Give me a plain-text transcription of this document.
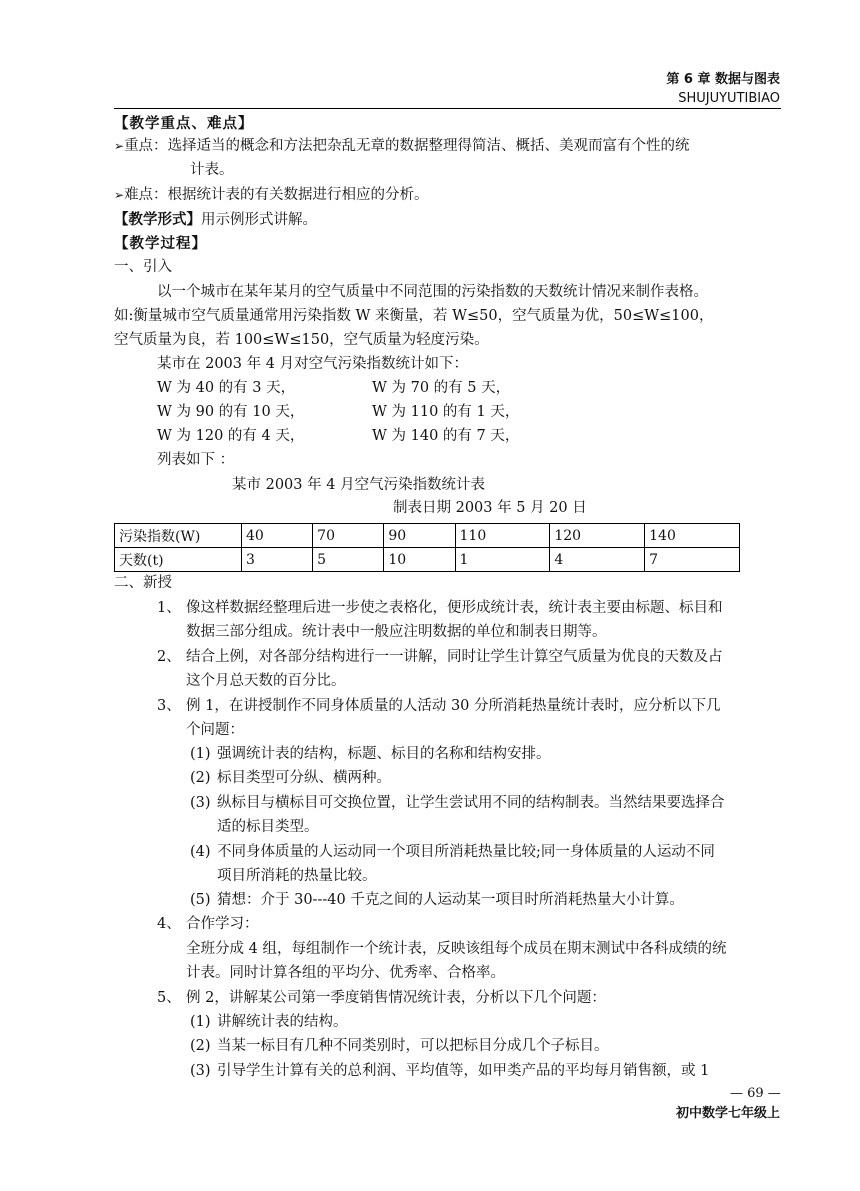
第 6 章 数据与图表
SHUJUYUTIBIAO
【教学重点、难点】
➢重点：选择适当的概念和方法把杂乱无章的数据整理得简洁、概括、美观而富有个性的统
计表。
➢难点：根据统计表的有关数据进行相应的分析。
【教学形式】用示例形式讲解。
【教学过程】
一、引入
以一个城市在某年某月的空气质量中不同范围的污染指数的天数统计情况来制作表格。
如:衡量城市空气质量通常用污染指数 W 来衡量，若 W≤50，空气质量为优，50≤W≤100，
空气质量为良，若 100≤W≤150，空气质量为轻度污染。
某市在 2003 年 4 月对空气污染指数统计如下：
W 为 40 的有 3 天，	W 为 70 的有 5 天，
W 为 90 的有 10 天，	W 为 110 的有 1 天，
W 为 120 的有 4 天，	W 为 140 的有 7 天，
列表如下 ：
某市 2003 年 4 月空气污染指数统计表
制表日期 2003 年 5 月 20 日
污染指数(W)	40	70	90	110	120	140
天数(t)	3	5	10	1	4	7
二、新授
1、 像这样数据经整理后进一步使之表格化，便形成统计表，统计表主要由标题、标目和
数据三部分组成。统计表中一般应注明数据的单位和制表日期等。
2、 结合上例，对各部分结构进行一一讲解，同时让学生计算空气质量为优良的天数及占
这个月总天数的百分比。
3、 例 1，在讲授制作不同身体质量的人活动 30 分所消耗热量统计表时，应分析以下几
个问题：
(1) 强调统计表的结构，标题、标目的名称和结构安排。
(2) 标目类型可分纵、横两种。
(3) 纵标目与横标目可交换位置，让学生尝试用不同的结构制表。当然结果要选择合
适的标目类型。
(4) 不同身体质量的人运动同一个项目所消耗热量比较;同一身体质量的人运动不同
项目所消耗的热量比较。
(5) 猜想：介于 30---40 千克之间的人运动某一项目时所消耗热量大小计算。
4、 合作学习：
全班分成 4 组，每组制作一个统计表，反映该组每个成员在期末测试中各科成绩的统
计表。同时计算各组的平均分、优秀率、合格率。
5、 例 2，讲解某公司第一季度销售情况统计表，分析以下几个问题：
(1) 讲解统计表的结构。
(2) 当某一标目有几种不同类别时，可以把标目分成几个子标目。
(3) 引导学生计算有关的总利润、平均值等，如甲类产品的平均每月销售额，或 1
— 69 —
初中数学七年级上
